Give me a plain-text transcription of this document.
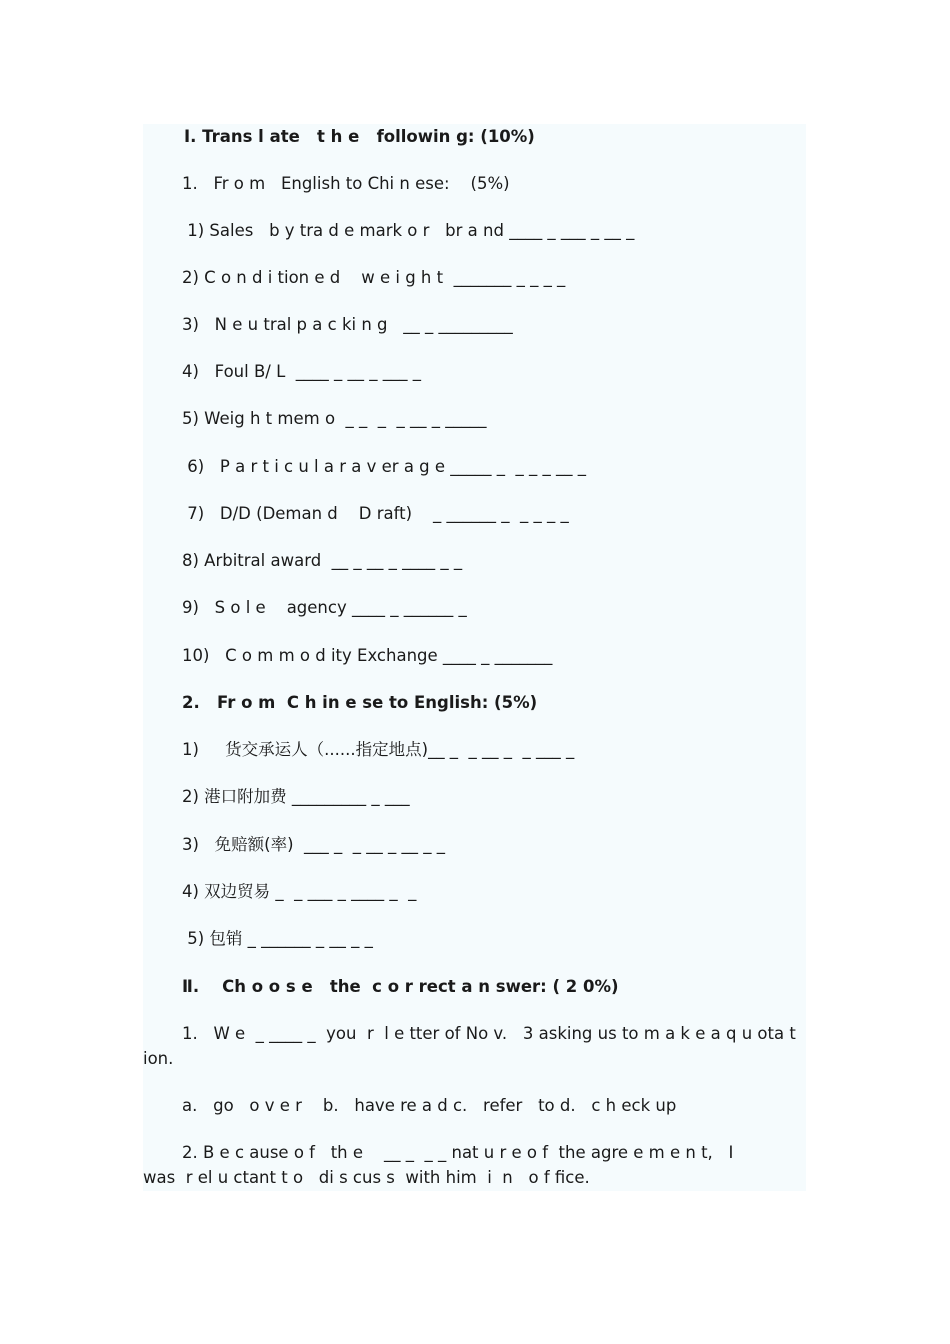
Ⅰ. Trans l ate   t h e   followin g: (10%)
1.   Fr o m   English to Chi n ese:    (5%)
1) Sales   b y tra d e mark o r   br a nd ____ _ ___ _ __ _
2) C o n d i tion e d    w e i g h t  _______ _ _ _ _
3)   N e u tral p a c ki n g   __ _ _________
4)   Foul B/ L  ____ _ __ _ ___ _
5) Weig h t mem o  _ _  _  _ __ _ _____
6)   P a r t i c u l a r a v er a g e _____ _  _ _ _ __ _
7)   D/D (Deman d    D raft)    _ ______ _  _ _ _ _
8) Arbitral award  __ _ __ _ ____ _ _
9)   S o l e    agency ____ _ ______ _
10)   C o m m o d ity Exchange ____ _ _______
2.   Fr o m  C h in e se to English: (5%)
1)     货交承运人（......指定地点)__ _  _ __ _  _ ___ _
2) 港口附加费 _________ _ ___
3)   免赔额(率)  ___ _  _ __ _ __ _ _
4) 双边贸易 _  _ ___ _ ____ _  _
5) 包销 _ ______ _ __ _ _
Ⅱ.    Ch o o s e   the  c o r rect a n swer: ( 2 0%)
1.   W e  _ ____ _  you  r  l e tter of No v.   3 asking us to m a k e a q u ota t
ion.
a.   go   o v e r    b.   have re a d c.   refer   to d.   c h eck up
2. B e c ause o f   th e    __ _  _ _ nat u r e o f  the agre e m e n t,   I
was  r el u ctant t o   di s cus s  with him  i  n   o f fice.
